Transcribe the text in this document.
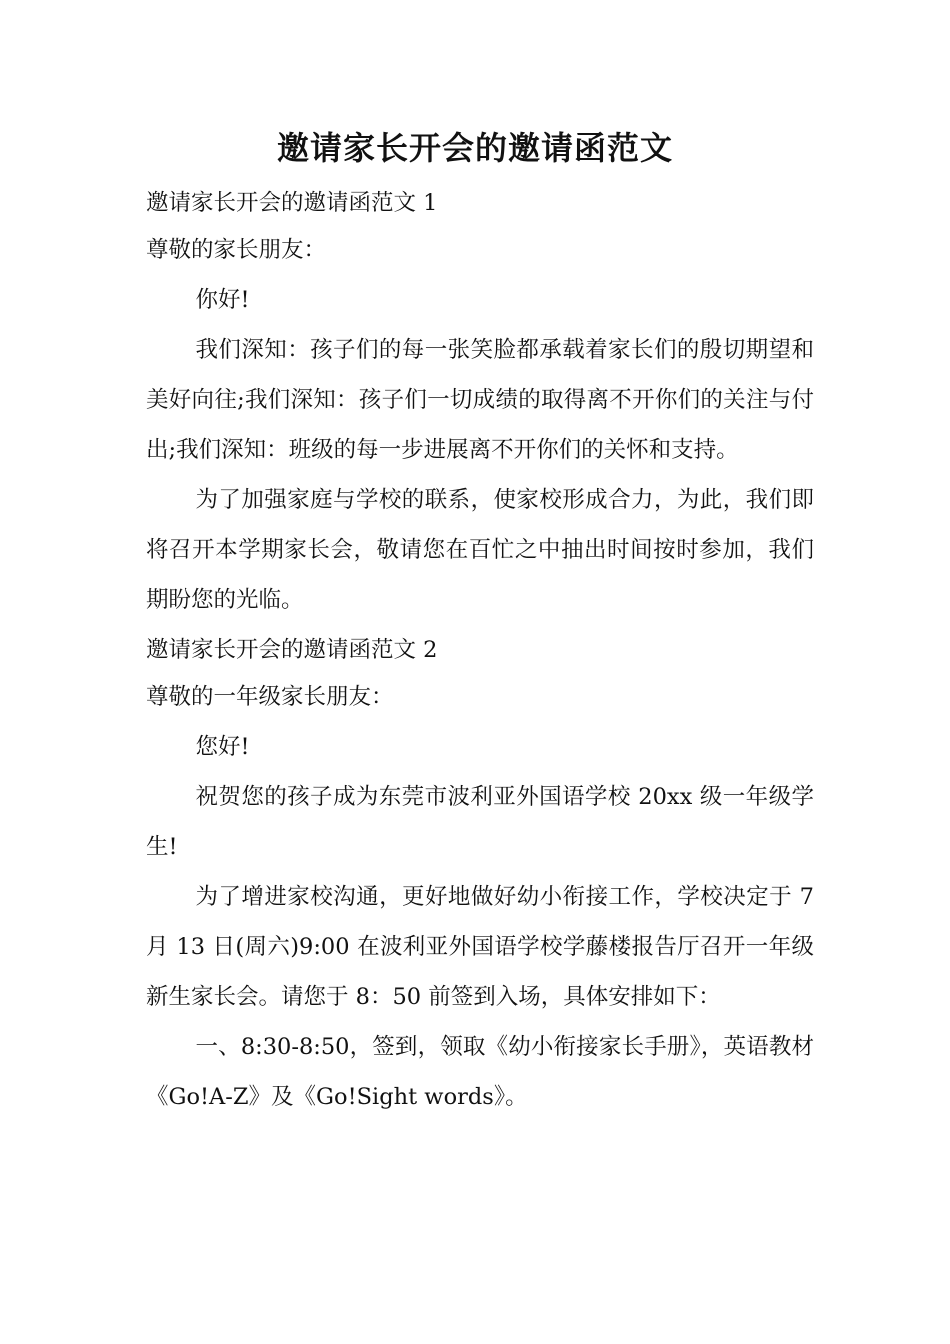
邀请家长开会的邀请函范文

邀请家长开会的邀请函范文 1

尊敬的家长朋友：

你好!

我们深知：孩子们的每一张笑脸都承载着家长们的殷切期望和美好向往;我们深知：孩子们一切成绩的取得离不开你们的关注与付出;我们深知：班级的每一步进展离不开你们的关怀和支持。

为了加强家庭与学校的联系，使家校形成合力，为此，我们即将召开本学期家长会，敬请您在百忙之中抽出时间按时参加，我们期盼您的光临。

邀请家长开会的邀请函范文 2

尊敬的一年级家长朋友：

您好!

祝贺您的孩子成为东莞市波利亚外国语学校 20xx 级一年级学生!

为了增进家校沟通，更好地做好幼小衔接工作，学校决定于 7 月 13 日(周六)9:00 在波利亚外国语学校学藤楼报告厅召开一年级新生家长会。请您于 8：50 前签到入场，具体安排如下：

一、8:30-8:50，签到，领取《幼小衔接家长手册》，英语教材《Go!A-Z》及《Go!Sight words》。
